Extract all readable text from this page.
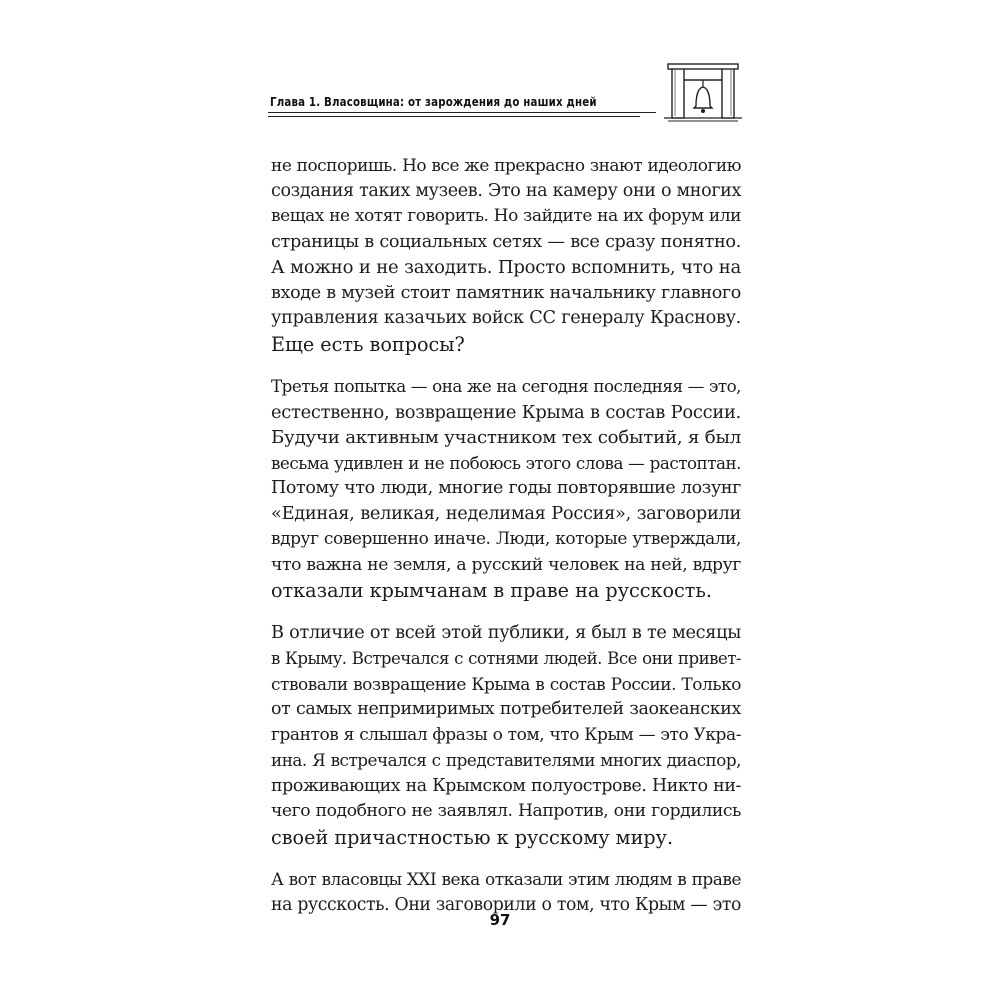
Глава 1. Власовщина: от зарождения до наших дней
не поспоришь. Но все же прекрасно знают идеологию
создания таких музеев. Это на камеру они о многих
вещах не хотят говорить. Но зайдите на их форум или
страницы в социальных сетях — все сразу понятно.
А можно и не заходить. Просто вспомнить, что на
входе в музей стоит памятник начальнику главного
управления казачьих войск СС генералу Краснову.
Еще есть вопросы?
Третья попытка — она же на сегодня последняя — это,
естественно, возвращение Крыма в состав России.
Будучи активным участником тех событий, я был
весьма удивлен и не побоюсь этого слова — растоптан.
Потому что люди, многие годы повторявшие лозунг
«Единая, великая, неделимая Россия», заговорили
вдруг совершенно иначе. Люди, которые утверждали,
что важна не земля, а русский человек на ней, вдруг
отказали крымчанам в праве на русскость.
В отличие от всей этой публики, я был в те месяцы
в Крыму. Встречался с сотнями людей. Все они привет-
ствовали возвращение Крыма в состав России. Только
от самых непримиримых потребителей заокеанских
грантов я слышал фразы о том, что Крым — это Укра-
ина. Я встречался с представителями многих диаспор,
проживающих на Крымском полуострове. Никто ни-
чего подобного не заявлял. Напротив, они гордились
своей причастностью к русскому миру.
А вот власовцы XXI века отказали этим людям в праве
на русскость. Они заговорили о том, что Крым — это
97
